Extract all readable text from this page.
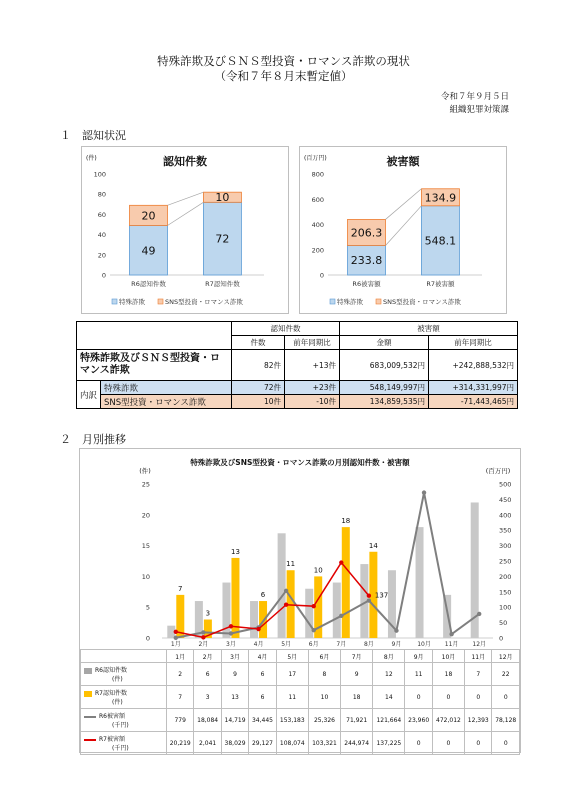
特殊詐欺及びＳＮＳ型投資・ロマンス詐欺の現状
（令和７年８月末暫定値）
令和７年９月５日
組織犯罪対策課
１　認知状況
(件)	認知件数
100
80
60
40
20
0
49
20
R6認知件数
72
10
R7認知件数
特殊詐欺	SNS型投資・ロマンス詐欺
(百万円)	被害額
800
600
400
200
0
233.8
206.3
R6被害額
548.1
134.9
R7被害額
特殊詐欺	SNS型投資・ロマンス詐欺
		認知件数		被害額	
		件数	前年同期比	金額	前年同期比
特殊詐欺及びＳＮＳ型投資・ロマンス詐欺		82件	+13件	683,009,532円	+242,888,532円
内訳	特殊詐欺	72件	+23件	548,149,997円	+314,331,997円
	SNS型投資・ロマンス詐欺	10件	-10件	134,859,535円	-71,443,465円
２　月別推移
特殊詐欺及びSNS型投資・ロマンス詐欺の月別認知件数・被害額
(件)	(百万円)
25
20
15
10
5
0
500
450
400
350
300
250
200
150
100
50
0
1月	2月	3月	4月	5月	6月	7月	8月	9月	10月 11月 12月
7
3
13
6
11
10
18
14
137
	1月	2月	3月	4月	5月	6月	7月	8月	9月	10月	11月	12月
R6認知件数
(件)	2	6	9	6	17	8	9	12	11	18	7	22
R7認知件数
(件)	7	3	13	6	11	10	18	14	0	0	0	0
R6被害額
(千円)	779	18,084	14,719	34,445	153,183	25,326	71,921	121,664	23,960	472,012	12,393	78,128
R7被害額
(千円)	20,219	2,041	38,029	29,127	108,074	103,321	244,974	137,225	0	0	0	0
